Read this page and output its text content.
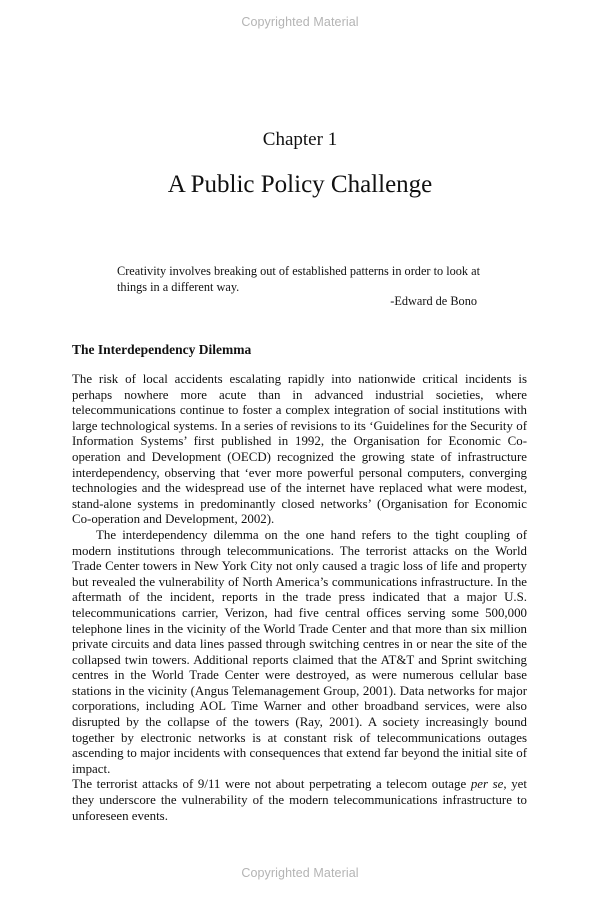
Copyrighted Material
Chapter 1
A Public Policy Challenge
Creativity involves breaking out of established patterns in order to look at things in a different way.
-Edward de Bono
The Interdependency Dilemma

The risk of local accidents escalating rapidly into nationwide critical incidents is perhaps nowhere more acute than in advanced industrial societies, where telecommunications continue to foster a complex integration of social institutions with large technological systems. In a series of revisions to its ‘Guidelines for the Security of Information Systems’ first published in 1992, the Organisation for Economic Co-operation and Development (OECD) recognized the growing state of infrastructure interdependency, observing that ‘ever more powerful personal computers, converging technologies and the widespread use of the internet have replaced what were modest, stand-alone systems in predominantly closed networks’ (Organisation for Economic Co-operation and Development, 2002).

The interdependency dilemma on the one hand refers to the tight coupling of modern institutions through telecommunications. The terrorist attacks on the World Trade Center towers in New York City not only caused a tragic loss of life and property but revealed the vulnerability of North America’s communications infrastructure. In the aftermath of the incident, reports in the trade press indicated that a major U.S. telecommunications carrier, Verizon, had five central offices serving some 500,000 telephone lines in the vicinity of the World Trade Center and that more than six million private circuits and data lines passed through switching centres in or near the site of the collapsed twin towers. Additional reports claimed that the AT&T and Sprint switching centres in the World Trade Center were destroyed, as were numerous cellular base stations in the vicinity (Angus Telemanagement Group, 2001). Data networks for major corporations, including AOL Time Warner and other broadband services, were also disrupted by the collapse of the towers (Ray, 2001). A society increasingly bound together by electronic networks is at constant risk of telecommunications outages ascending to major incidents with consequences that extend far beyond the initial site of impact.

The terrorist attacks of 9/11 were not about perpetrating a telecom outage per se, yet they underscore the vulnerability of the modern telecommunications infrastructure to unforeseen events.

Copyrighted Material
